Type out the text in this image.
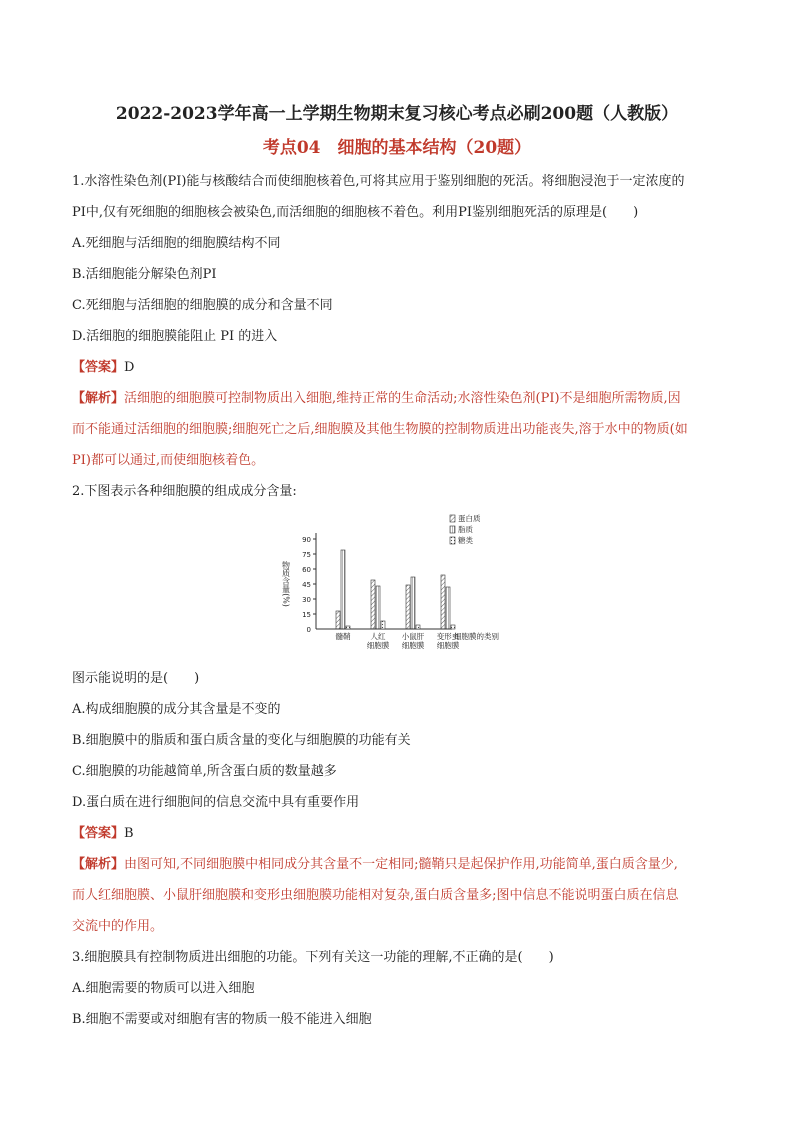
2022-2023学年高一上学期生物期末复习核心考点必刷200题（人教版）

考点04　细胞的基本结构（20题）

1.水溶性染色剂(PI)能与核酸结合而使细胞核着色,可将其应用于鉴别细胞的死活。将细胞浸泡于一定浓度的

PI中,仅有死细胞的细胞核会被染色,而活细胞的细胞核不着色。利用PI鉴别细胞死活的原理是(　　)

A.死细胞与活细胞的细胞膜结构不同

B.活细胞能分解染色剂PI

C.死细胞与活细胞的细胞膜的成分和含量不同

D.活细胞的细胞膜能阻止 PI 的进入

【答案】D

【解析】活细胞的细胞膜可控制物质出入细胞,维持正常的生命活动;水溶性染色剂(PI)不是细胞所需物质,因

而不能通过活细胞的细胞膜;细胞死亡之后,细胞膜及其他生物膜的控制物质进出功能丧失,溶于水中的物质(如

PI)都可以通过,而使细胞核着色。

2.下图表示各种细胞膜的组成成分含量:

0
15
30
45
60
75
90
物质含量(%)
髓鞘	人红
细胞膜
小鼠肝
细胞膜
变形虫
细胞膜
细胞膜的类别
蛋白质
脂质
糖类

图示能说明的是(　　)

A.构成细胞膜的成分其含量是不变的

B.细胞膜中的脂质和蛋白质含量的变化与细胞膜的功能有关

C.细胞膜的功能越简单,所含蛋白质的数量越多

D.蛋白质在进行细胞间的信息交流中具有重要作用

【答案】B

【解析】由图可知,不同细胞膜中相同成分其含量不一定相同;髓鞘只是起保护作用,功能简单,蛋白质含量少,

而人红细胞膜、小鼠肝细胞膜和变形虫细胞膜功能相对复杂,蛋白质含量多;图中信息不能说明蛋白质在信息

交流中的作用。

3.细胞膜具有控制物质进出细胞的功能。下列有关这一功能的理解,不正确的是(　　)

A.细胞需要的物质可以进入细胞

B.细胞不需要或对细胞有害的物质一般不能进入细胞
